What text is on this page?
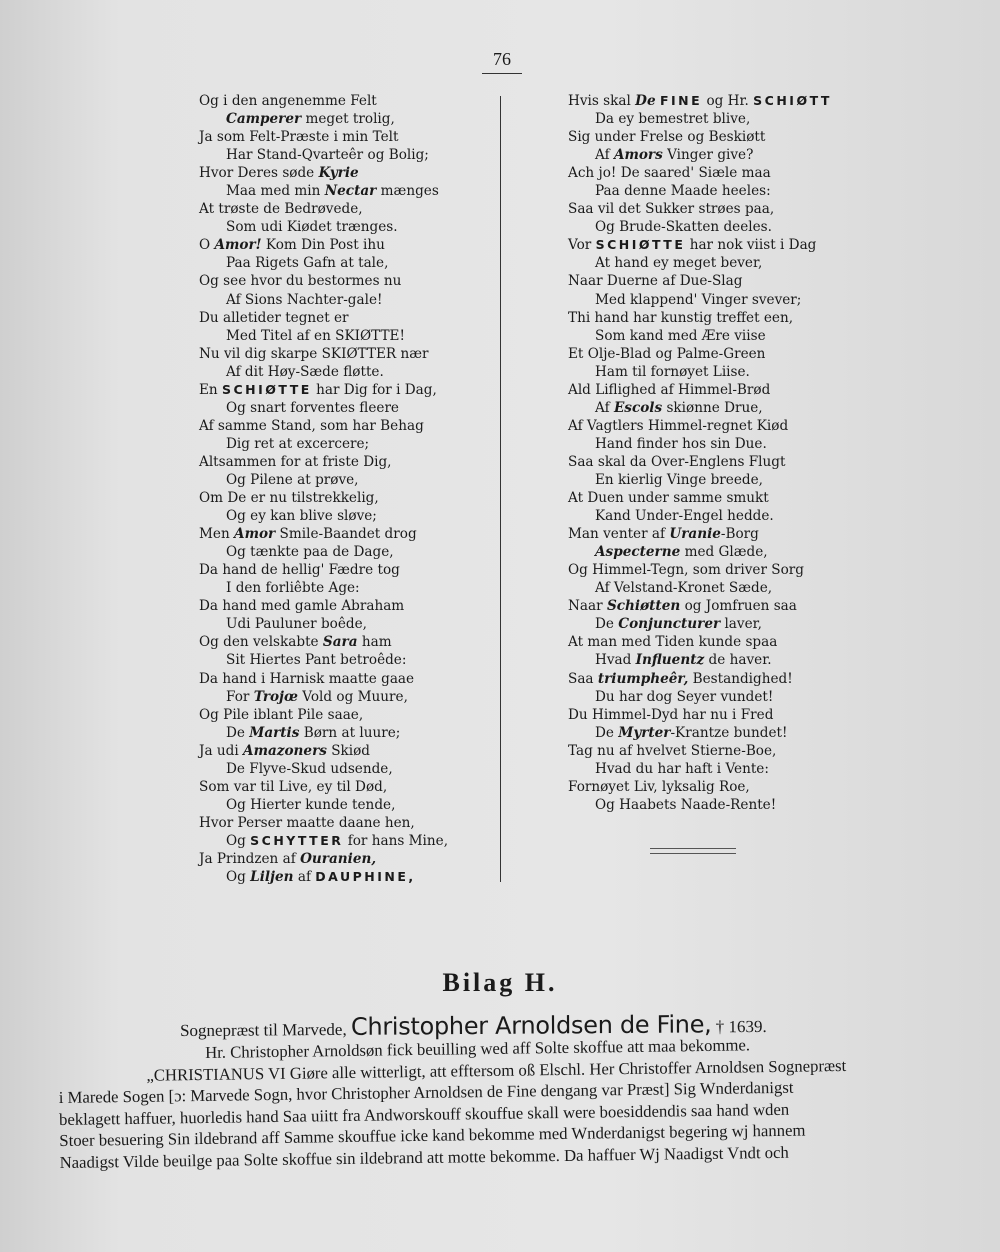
76
Og i den angenemme Felt
Camperer meget trolig,
Ja som Felt-Præste i min Telt
Har Stand-Qvarteêr og Bolig;
Hvor Deres søde Kyrie
Maa med min Nectar mænges
At trøste de Bedrøvede,
Som udi Kiødet trænges.
O Amor! Kom Din Post ihu
Paa Rigets Gafn at tale,
Og see hvor du bestormes nu
Af Sions Nachter-gale!
Du alletider tegnet er
Med Titel af en SKIØTTE!
Nu vil dig skarpe SKIØTTER nær
Af dit Høy-Sæde fløtte.
En SCHIØTTE har Dig for i Dag,
Og snart forventes fleere
Af samme Stand, som har Behag
Dig ret at excercere;
Altsammen for at friste Dig,
Og Pilene at prøve,
Om De er nu tilstrekkelig,
Og ey kan blive sløve;
Men Amor Smile-Baandet drog
Og tænkte paa de Dage,
Da hand de hellig' Fædre tog
I den forliêbte Age:
Da hand med gamle Abraham
Udi Pauluner boêde,
Og den velskabte Sara ham
Sit Hiertes Pant betroêde:
Da hand i Harnisk maatte gaae
For Trojœ Vold og Muure,
Og Pile iblant Pile saae,
De Martis Børn at luure;
Ja udi Amazoners Skiød
De Flyve-Skud udsende,
Som var til Live, ey til Død,
Og Hierter kunde tende,
Hvor Perser maatte daane hen,
Og SCHYTTER for hans Mine,
Ja Prindzen af Ouranien,
Og Liljen af DAUPHINE,
Hvis skal De FINE og Hr. SCHIØTT
Da ey bemestret blive,
Sig under Frelse og Beskiøtt
Af Amors Vinger give?
Ach jo! De saared' Siæle maa
Paa denne Maade heeles:
Saa vil det Sukker strøes paa,
Og Brude-Skatten deeles.
Vor SCHIØTTE har nok viist i Dag
At hand ey meget bever,
Naar Duerne af Due-Slag
Med klappend' Vinger svever;
Thi hand har kunstig treffet een,
Som kand med Ære viise
Et Olje-Blad og Palme-Green
Ham til fornøyet Liise.
Ald Liflighed af Himmel-Brød
Af Escols skiønne Drue,
Af Vagtlers Himmel-regnet Kiød
Hand finder hos sin Due.
Saa skal da Over-Englens Flugt
En kierlig Vinge breede,
At Duen under samme smukt
Kand Under-Engel hedde.
Man venter af Uranie-Borg
Aspecterne med Glæde,
Og Himmel-Tegn, som driver Sorg
Af Velstand-Kronet Sæde,
Naar Schiøtten og Jomfruen saa
De Conjuncturer laver,
At man med Tiden kunde spaa
Hvad Influentz de haver.
Saa triumpheêr, Bestandighed!
Du har dog Seyer vundet!
Du Himmel-Dyd har nu i Fred
De Myrter-Krantze bundet!
Tag nu af hvelvet Stierne-Boe,
Hvad du har haft i Vente:
Fornøyet Liv, lyksalig Roe,
Og Haabets Naade-Rente!
Bilag H.
Sognepræst til Marvede, Christopher Arnoldsen de Fine, † 1639.
Hr. Christopher Arnoldsøn fick beuilling wed aff Solte skoffue att maa bekomme.
„CHRISTIANUS VI Giøre alle witterligt, att efftersom oß Elschl. Her Christoffer Arnoldsen Sognepræst
i Marede Sogen [ɔ: Marvede Sogn, hvor Christopher Arnoldsen de Fine dengang var Præst] Sig Wnderdanigst
beklagett haffuer, huorledis hand Saa uiitt fra Andworskouff skouffue skall were boesiddendis saa hand wden
Stoer besuering Sin ildebrand aff Samme skouffue icke kand bekomme med Wnderdanigst begering wj hannem
Naadigst Vilde beuilge paa Solte skoffue sin ildebrand att motte bekomme. Da haffuer Wj Naadigst Vndt och
